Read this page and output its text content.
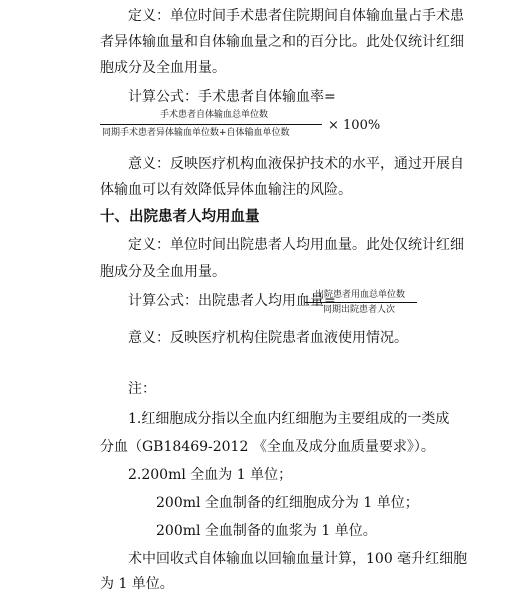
定义：单位时间手术患者住院期间自体输血量占手术患
者异体输血量和自体输血量之和的百分比。此处仅统计红细
胞成分及全血用量。
计算公式：手术患者自体输血率=
手术患者自体输血总单位数
同期手术患者异体输血单位数+自体输血单位数	× 100%
意义：反映医疗机构血液保护技术的水平，通过开展自
体输血可以有效降低异体血输注的风险。
十、出院患者人均用血量
定义：单位时间出院患者人均用血量。此处仅统计红细
胞成分及全血用量。
计算公式：出院患者人均用血量=
出院患者用血总单位数
同期出院患者人次
意义：反映医疗机构住院患者血液使用情况。
注：
1.红细胞成分指以全血内红细胞为主要组成的一类成
分血（GB18469-2012 《全血及成分血质量要求》）。
2.200ml 全血为 1 单位；
200ml 全血制备的红细胞成分为 1 单位；
200ml 全血制备的血浆为 1 单位。
术中回收式自体输血以回输血量计算，100 毫升红细胞
为 1 单位。
